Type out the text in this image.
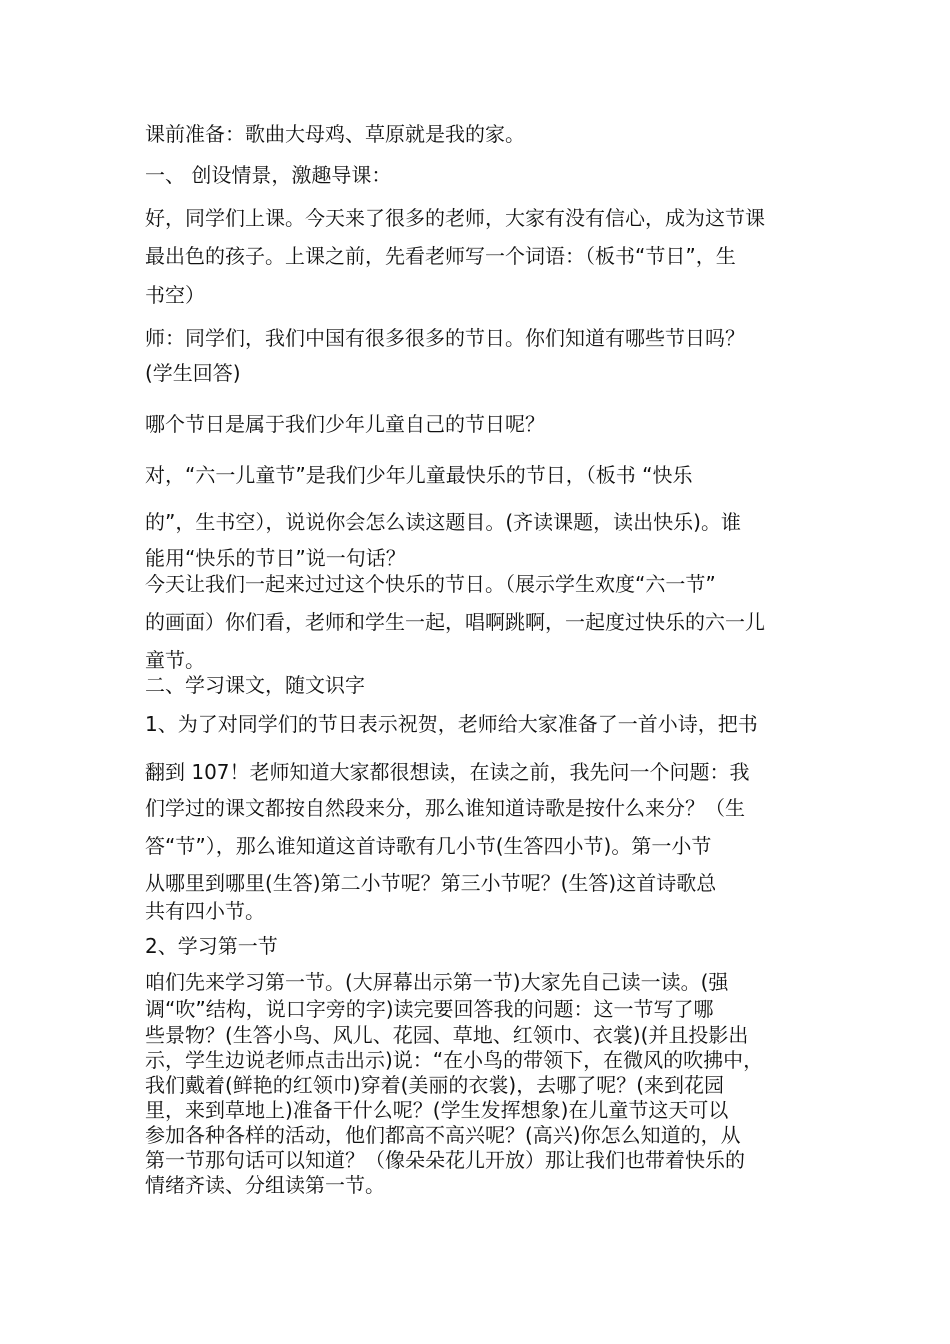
课前准备：歌曲大母鸡、草原就是我的家。
一、 创设情景，激趣导课：
好，同学们上课。今天来了很多的老师，大家有没有信心，成为这节课
最出色的孩子。上课之前，先看老师写一个词语：（板书“节日”，生
书空）
师：同学们，我们中国有很多很多的节日。你们知道有哪些节日吗？
(学生回答)
哪个节日是属于我们少年儿童自己的节日呢？
对，“六一儿童节”是我们少年儿童最快乐的节日，（板书 “快乐
的”，生书空），说说你会怎么读这题目。(齐读课题，读出快乐)。谁
能用“快乐的节日”说一句话？
今天让我们一起来过过这个快乐的节日。（展示学生欢度“六一节”
的画面）你们看，老师和学生一起，唱啊跳啊，一起度过快乐的六一儿
童节。
二、学习课文，随文识字
1、为了对同学们的节日表示祝贺，老师给大家准备了一首小诗，把书
翻到 107！老师知道大家都很想读，在读之前，我先问一个问题：我
们学过的课文都按自然段来分，那么谁知道诗歌是按什么来分？（生
答“节”），那么谁知道这首诗歌有几小节(生答四小节)。第一小节
从哪里到哪里(生答)第二小节呢？第三小节呢？(生答)这首诗歌总
共有四小节。
2、学习第一节
咱们先来学习第一节。(大屏幕出示第一节)大家先自己读一读。(强
调“吹”结构，说口字旁的字)读完要回答我的问题：这一节写了哪
些景物？(生答小鸟、风儿、花园、草地、红领巾、衣裳)(并且投影出
示，学生边说老师点击出示)说：“在小鸟的带领下，在微风的吹拂中，
我们戴着(鲜艳的红领巾)穿着(美丽的衣裳)，去哪了呢？(来到花园
里，来到草地上)准备干什么呢？(学生发挥想象)在儿童节这天可以
参加各种各样的活动，他们都高不高兴呢？(高兴)你怎么知道的，从
第一节那句话可以知道？（像朵朵花儿开放）那让我们也带着快乐的
情绪齐读、分组读第一节。
